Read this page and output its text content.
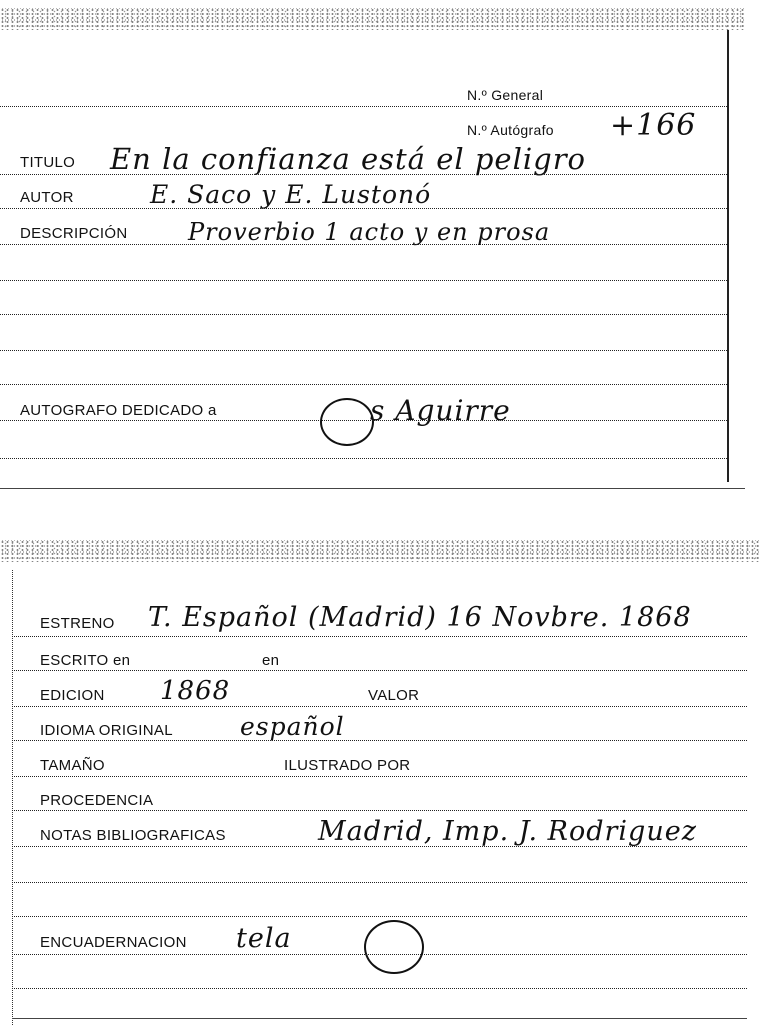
N.º General
N.º Autógrafo +166
TITULO En la confianza está el peligro
AUTOR	E. Saco y E. Lustonó
DESCRIPCIÓN	Proverbio 1 acto y en prosa
AUTOGRAFO DEDICADO a	s Aguirre
ESTRENO T. Español (Madrid) 16 Novbre. 1868
ESCRITO en	en
EDICION 1868	VALOR
IDIOMA ORIGINAL	español
TAMAÑO	ILUSTRADO POR
PROCEDENCIA
NOTAS BIBLIOGRAFICAS	Madrid, Imp. J. Rodriguez
ENCUADERNACION tela
